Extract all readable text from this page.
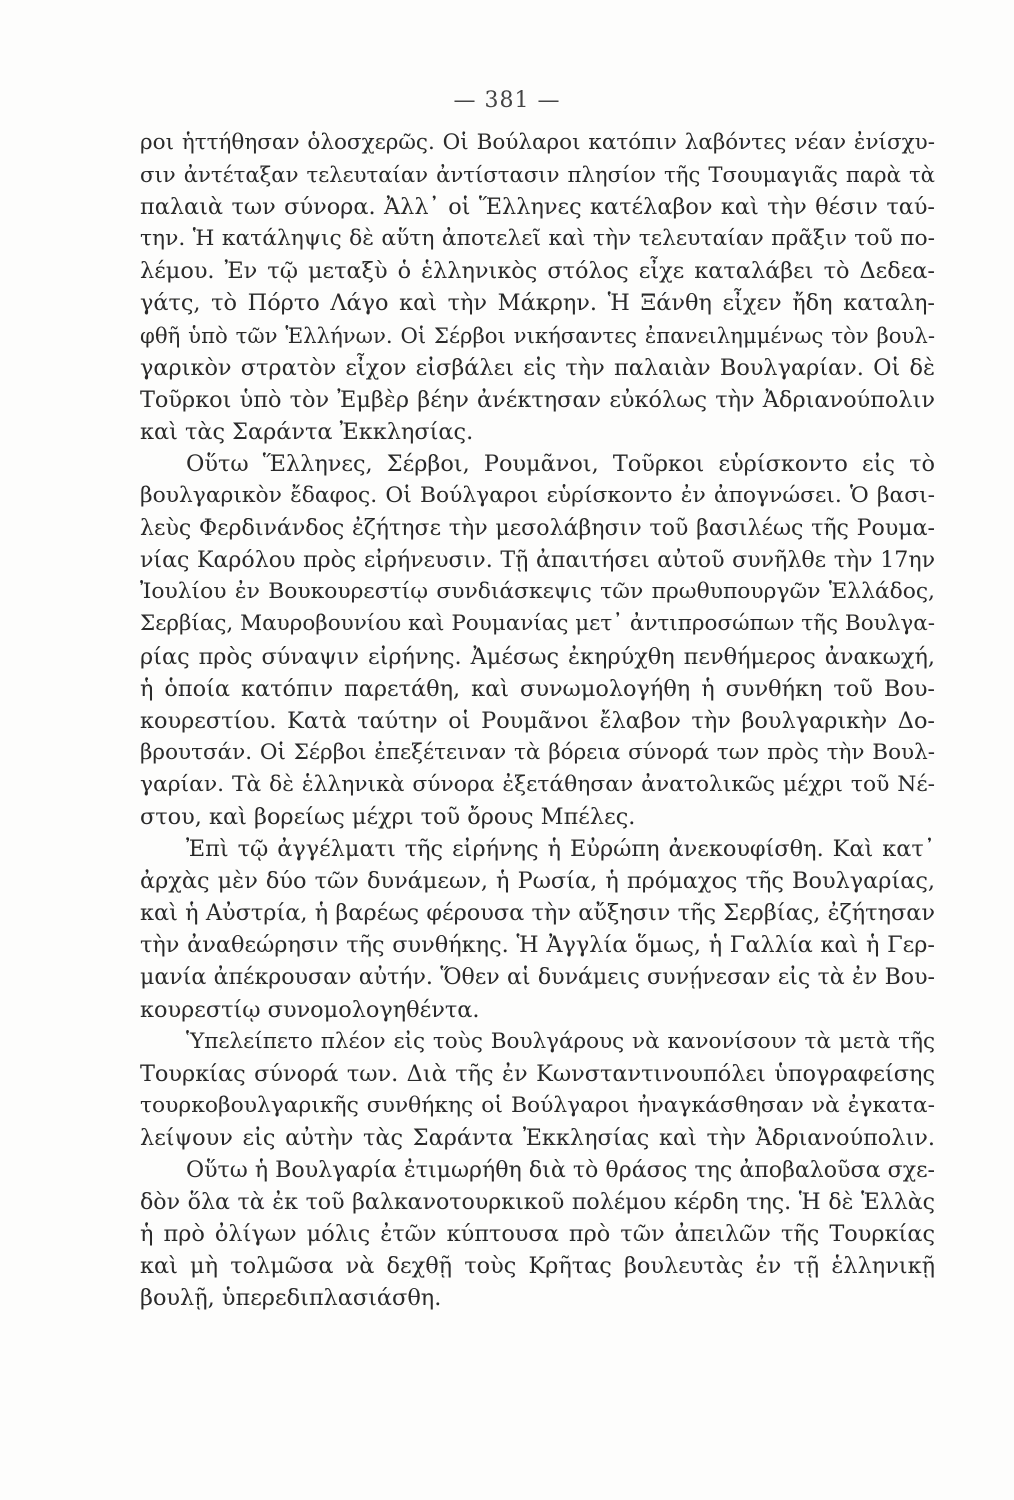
— 381 —
ροι ἡττήθησαν ὁλοσχερῶς. Οἱ Βούλαροι κατόπιν λαβόντες νέαν ἐνίσχυ-
σιν ἀντέταξαν τελευταίαν ἀντίστασιν πλησίον τῆς Τσουμαγιᾶς παρὰ τὰ
παλαιὰ των σύνορα. Ἀλλ᾽ οἱ Ἕλληνες κατέλαβον καὶ τὴν θέσιν ταύ-
την. Ἡ κατάληψις δὲ αὕτη ἀποτελεῖ καὶ τὴν τελευταίαν πρᾶξιν τοῦ πο-
λέμου. Ἐν τῷ μεταξὺ ὁ ἑλληνικὸς στόλος εἶχε καταλάβει τὸ Δεδεα-
γάτς, τὸ Πόρτο Λάγο καὶ τὴν Μάκρην. Ἡ Ξάνθη εἶχεν ἤδη καταλη-
φθῆ ὑπὸ τῶν Ἑλλήνων. Οἱ Σέρβοι νικήσαντες ἐπανειλημμένως τὸν βουλ-
γαρικὸν στρατὸν εἶχον εἰσβάλει εἰς τὴν παλαιὰν Βουλγαρίαν. Οἱ δὲ
Τοῦρκοι ὑπὸ τὸν Ἐμβὲρ βέην ἀνέκτησαν εὐκόλως τὴν Ἀδριανούπολιν
καὶ τὰς Σαράντα Ἐκκλησίας.
Οὕτω Ἕλληνες, Σέρβοι, Ρουμᾶνοι, Τοῦρκοι εὑρίσκοντο εἰς τὸ
βουλγαρικὸν ἔδαφος. Οἱ Βούλγαροι εὑρίσκοντο ἐν ἀπογνώσει. Ὁ βασι-
λεὺς Φερδινάνδος ἐζήτησε τὴν μεσολάβησιν τοῦ βασιλέως τῆς Ρουμα-
νίας Καρόλου πρὸς εἰρήνευσιν. Τῇ ἀπαιτήσει αὐτοῦ συνῆλθε τὴν 17ην
Ἰουλίου ἐν Βουκουρεστίῳ συνδιάσκεψις τῶν πρωθυπουργῶν Ἑλλάδος,
Σερβίας, Μαυροβουνίου καὶ Ρουμανίας μετ᾽ ἀντιπροσώπων τῆς Βουλγα-
ρίας πρὸς σύναψιν εἰρήνης. Ἀμέσως ἐκηρύχθη πενθήμερος ἀνακωχή,
ἡ ὁποία κατόπιν παρετάθη, καὶ συνωμολογήθη ἡ συνθήκη τοῦ Βου-
κουρεστίου. Κατὰ ταύτην οἱ Ρουμᾶνοι ἔλαβον τὴν βουλγαρικὴν Δο-
βρουτσάν. Οἱ Σέρβοι ἐπεξέτειναν τὰ βόρεια σύνορά των πρὸς τὴν Βουλ-
γαρίαν. Τὰ δὲ ἑλληνικὰ σύνορα ἐξετάθησαν ἀνατολικῶς μέχρι τοῦ Νέ-
στου, καὶ βορείως μέχρι τοῦ ὄρους Μπέλες.
Ἐπὶ τῷ ἀγγέλματι τῆς εἰρήνης ἡ Εὐρώπη ἀνεκουφίσθη. Καὶ κατ᾽
ἀρχὰς μὲν δύο τῶν δυνάμεων, ἡ Ρωσία, ἡ πρόμαχος τῆς Βουλγαρίας,
καὶ ἡ Αὐστρία, ἡ βαρέως φέρουσα τὴν αὔξησιν τῆς Σερβίας, ἐζήτησαν
τὴν ἀναθεώρησιν τῆς συνθήκης. Ἡ Ἀγγλία ὅμως, ἡ Γαλλία καὶ ἡ Γερ-
μανία ἀπέκρουσαν αὐτήν. Ὅθεν αἱ δυνάμεις συνῄνεσαν εἰς τὰ ἐν Βου-
κουρεστίῳ συνομολογηθέντα.
Ὑπελείπετο πλέον εἰς τοὺς Βουλγάρους νὰ κανονίσουν τὰ μετὰ τῆς
Τουρκίας σύνορά των. Διὰ τῆς ἐν Κωνσταντινουπόλει ὑπογραφείσης
τουρκοβουλγαρικῆς συνθήκης οἱ Βούλγαροι ἠναγκάσθησαν νὰ ἐγκατα-
λείψουν εἰς αὐτὴν τὰς Σαράντα Ἐκκλησίας καὶ τὴν Ἀδριανούπολιν.
Οὕτω ἡ Βουλγαρία ἐτιμωρήθη διὰ τὸ θράσος της ἀποβαλοῦσα σχε-
δὸν ὅλα τὰ ἐκ τοῦ βαλκανοτουρκικοῦ πολέμου κέρδη της. Ἡ δὲ Ἑλλὰς
ἡ πρὸ ὀλίγων μόλις ἐτῶν κύπτουσα πρὸ τῶν ἀπειλῶν τῆς Τουρκίας
καὶ μὴ τολμῶσα νὰ δεχθῇ τοὺς Κρῆτας βουλευτὰς ἐν τῇ ἑλληνικῇ
βουλῇ, ὑπερεδιπλασιάσθη.
